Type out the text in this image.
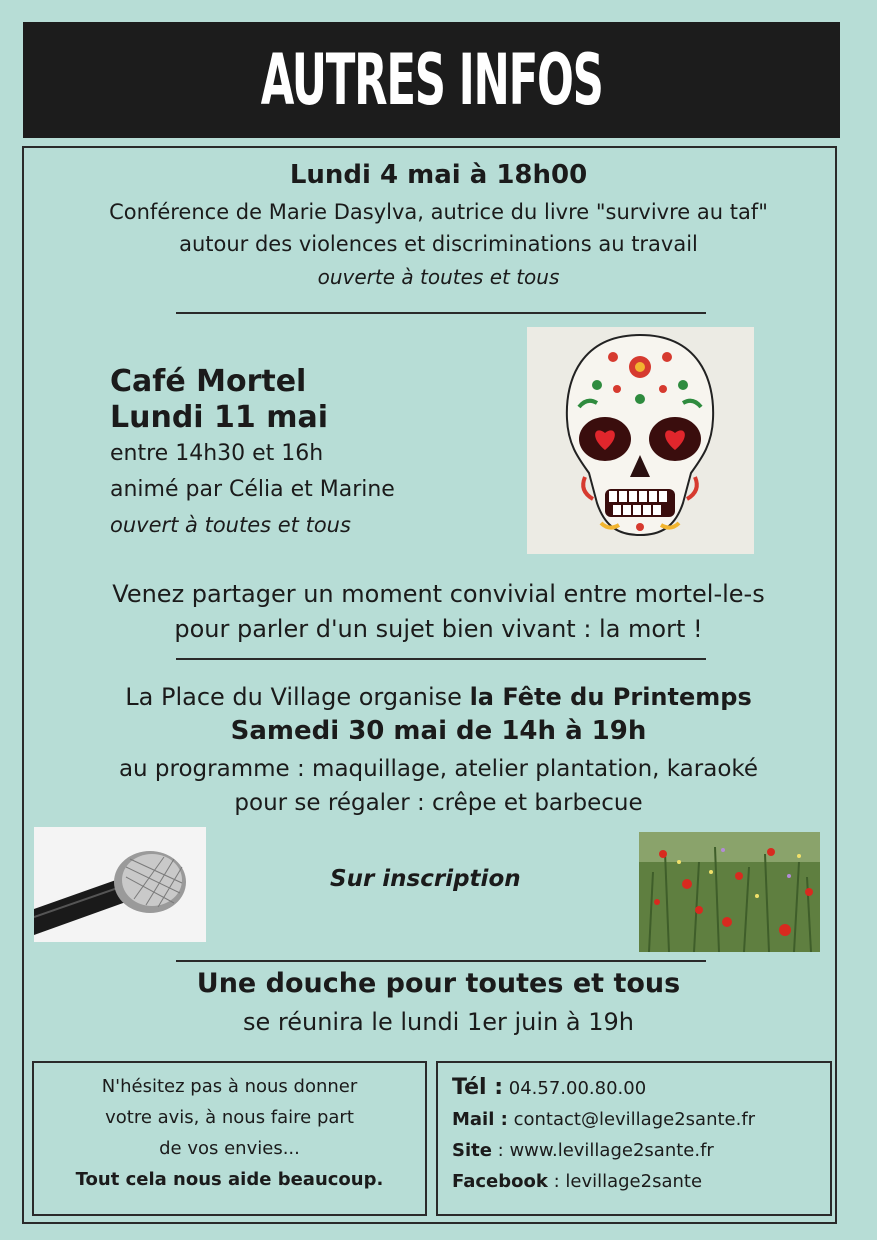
AUTRES INFOS
Lundi 4 mai à 18h00
Conférence de Marie Dasylva, autrice du livre "survivre au taf"
autour des violences et discriminations au travail
ouverte à toutes et tous
Café Mortel
Lundi 11 mai
entre 14h30 et 16h
animé par Célia et Marine
ouvert à toutes et tous
Venez partager un moment convivial entre mortel-le-s
pour parler d'un sujet bien vivant : la mort !
La Place du Village organise la Fête du Printemps
Samedi 30 mai de 14h à 19h
au programme : maquillage, atelier plantation, karaoké
pour se régaler : crêpe et barbecue
Sur inscription
Une douche pour toutes et tous
se réunira le lundi 1er juin à 19h
N'hésitez pas à nous donner
votre avis, à nous faire part
de vos envies...
Tout cela nous aide beaucoup.
Tél : 04.57.00.80.00
Mail : contact@levillage2sante.fr
Site : www.levillage2sante.fr
Facebook : levillage2sante
